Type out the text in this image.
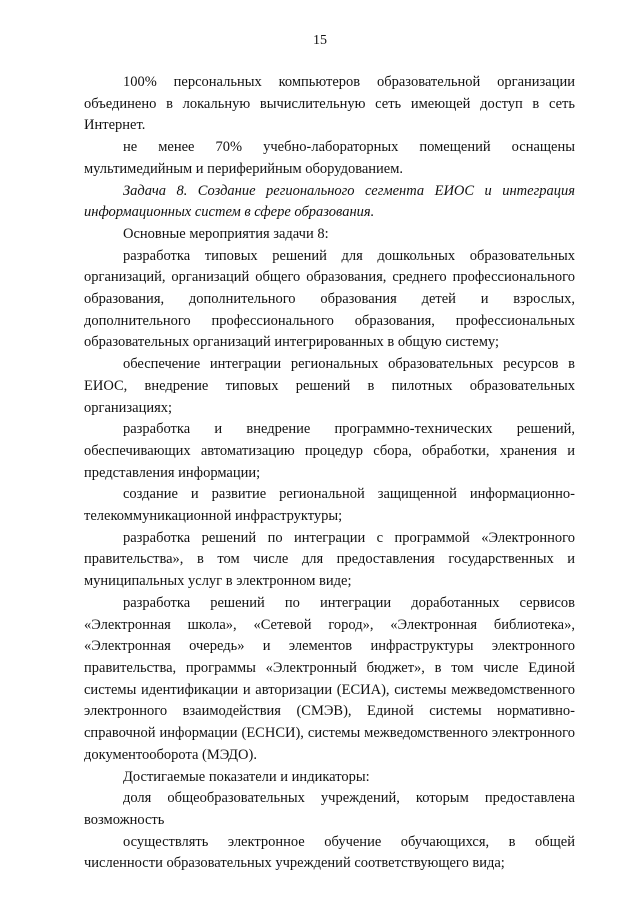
15

100% персональных компьютеров образовательной организации объединено в локальную вычислительную сеть имеющей доступ в сеть Интернет.

не менее 70% учебно-лабораторных помещений оснащены мультимедийным и периферийным оборудованием.

Задача 8. Создание регионального сегмента ЕИОС и интеграция информационных систем в сфере образования.

Основные мероприятия задачи 8:

разработка типовых решений для дошкольных образовательных организаций, организаций общего образования, среднего профессионального образования, дополнительного образования детей и взрослых, дополнительного профессионального образования, профессиональных образовательных организаций интегрированных в общую систему;

обеспечение интеграции региональных образовательных ресурсов в ЕИОС, внедрение типовых решений в пилотных образовательных организациях;

разработка и внедрение программно-технических решений, обеспечивающих автоматизацию процедур сбора, обработки, хранения и представления информации;

создание и развитие региональной защищенной информационно-телекоммуникационной инфраструктуры;

разработка решений по интеграции с программой «Электронного правительства», в том числе для предоставления государственных и муниципальных услуг в электронном виде;

разработка решений по интеграции доработанных сервисов «Электронная школа», «Сетевой город», «Электронная библиотека», «Электронная очередь» и элементов инфраструктуры электронного правительства, программы «Электронный бюджет», в том числе Единой системы идентификации и авторизации (ЕСИА), системы межведомственного электронного взаимодействия (СМЭВ), Единой системы нормативно-справочной информации (ЕСНСИ), системы межведомственного электронного документооборота (МЭДО).

Достигаемые показатели и индикаторы:

доля общеобразовательных учреждений, которым предоставлена возможность

осуществлять электронное обучение обучающихся, в общей численности образовательных учреждений соответствующего вида;
